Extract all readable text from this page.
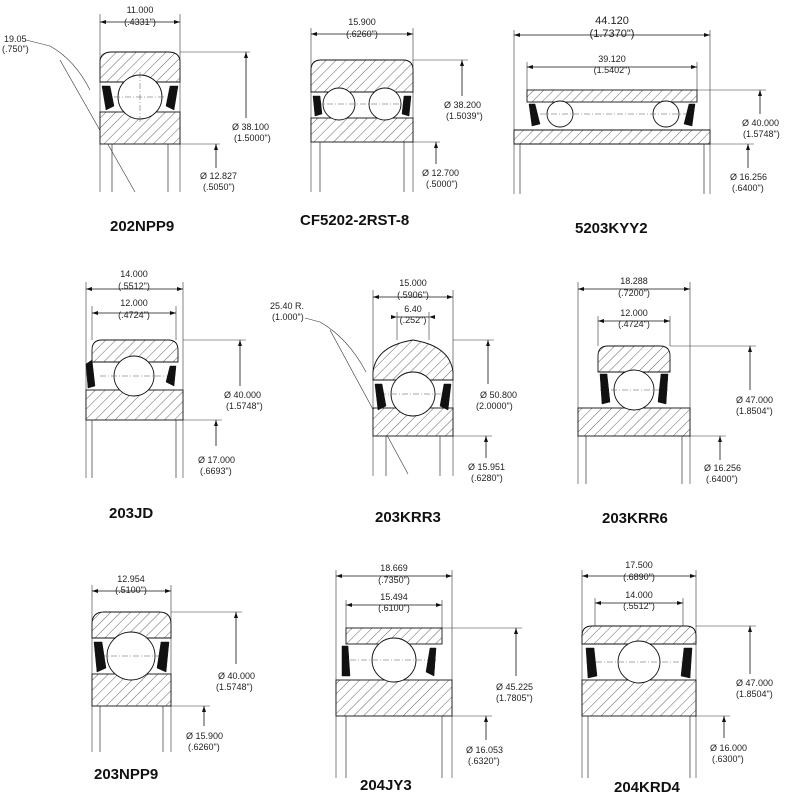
11.000
(.4331")
19.05
(.750")
Ø 38.100
(1.5000")
Ø 12.827
(.5050")
202NPP9
15.900
(.6260")
Ø 38.200
(1.5039")
Ø 12.700
(.5000")
CF5202-2RST-8
44.120
(1.7370")
39.120
(1.5402")
Ø 40.000
(1.5748")
Ø 16.256
(.6400")
5203KYY2
14.000
(.5512")
12.000
(.4724")
Ø 40.000
(1.5748")
Ø 17.000
(.6693")
203JD
15.000
(.5906")
6.40
(.252")
25.40 R.
(1.000")
Ø 50.800
(2.0000")
Ø 15.951
(.6280")
203KRR3
18.288
(.7200")
12.000
(.4724")
Ø 47.000
(1.8504")
Ø 16.256
(.6400")
203KRR6
12.954
(.5100")
Ø 40.000
(1.5748")
Ø 15.900
(.6260")
203NPP9
18.669
(.7350")
15.494
(.6100")
Ø 45.225
(1.7805")
Ø 16.053
(.6320")
204JY3
17.500
(.6890")
14.000
(.5512")
Ø 47.000
(1.8504")
Ø 16.000
(.6300")
204KRD4
